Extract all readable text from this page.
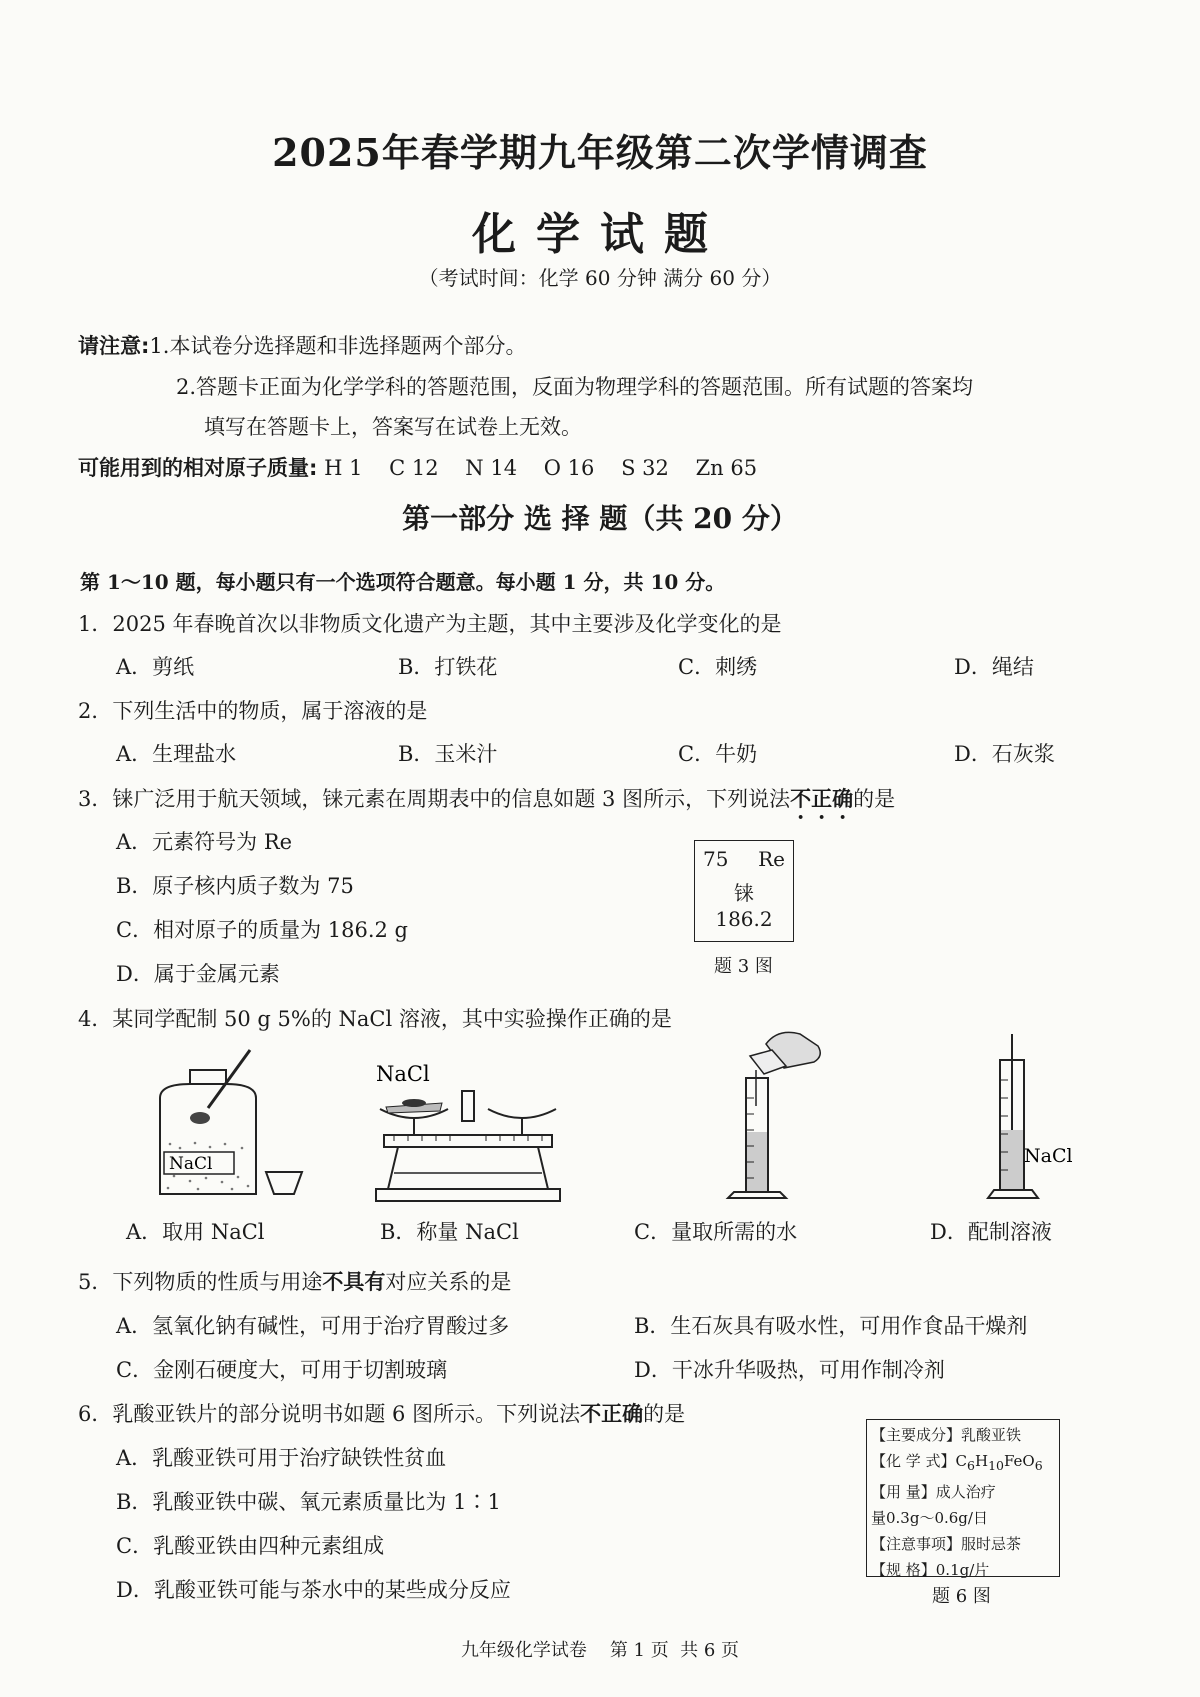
2025年春学期九年级第二次学情调查
化学试题
（考试时间：化学 60 分钟 满分 60 分）
请注意:1.本试卷分选择题和非选择题两个部分。
2.答题卡正面为化学学科的答题范围，反面为物理学科的答题范围。所有试题的答案均
填写在答题卡上，答案写在试卷上无效。
可能用到的相对原子质量: H 1    C 12    N 14    O 16    S 32    Zn 65
第一部分 选 择 题（共 20 分）
第 1～10 题，每小题只有一个选项符合题意。每小题 1 分，共 10 分。
1．2025 年春晚首次以非物质文化遗产为主题，其中主要涉及化学变化的是
A．剪纸	B．打铁花	C．刺绣	D．绳结
2．下列生活中的物质，属于溶液的是
A．生理盐水	B．玉米汁	C．牛奶	D．石灰浆
3．铼广泛用于航天领域，铼元素在周期表中的信息如题 3 图所示，下列说法不正确的是
A．元素符号为 Re
B．原子核内质子数为 75
C．相对原子的质量为 186.2 g
D．属于金属元素
75 Re
铼
186.2
题 3 图
4．某同学配制 50 g 5%的 NaCl 溶液，其中实验操作正确的是
NaCl
NaCl
NaCl
A．取用 NaCl	B．称量 NaCl	C．量取所需的水	D．配制溶液
5．下列物质的性质与用途不具有对应关系的是
A．氢氧化钠有碱性，可用于治疗胃酸过多	B．生石灰具有吸水性，可用作食品干燥剂
C．金刚石硬度大，可用于切割玻璃	D．干冰升华吸热，可用作制冷剂
6．乳酸亚铁片的部分说明书如题 6 图所示。下列说法不正确的是
A．乳酸亚铁可用于治疗缺铁性贫血
B．乳酸亚铁中碳、氧元素质量比为 1∶1
C．乳酸亚铁由四种元素组成
D．乳酸亚铁可能与茶水中的某些成分反应
【主要成分】乳酸亚铁
【化 学 式】$C_6H_{10}FeO_6$
【用 量】成人治疗
量0.3g～0.6g/日
【注意事项】服时忌茶
【规 格】0.1g/片
题 6 图
九年级化学试卷    第 1 页  共 6 页
